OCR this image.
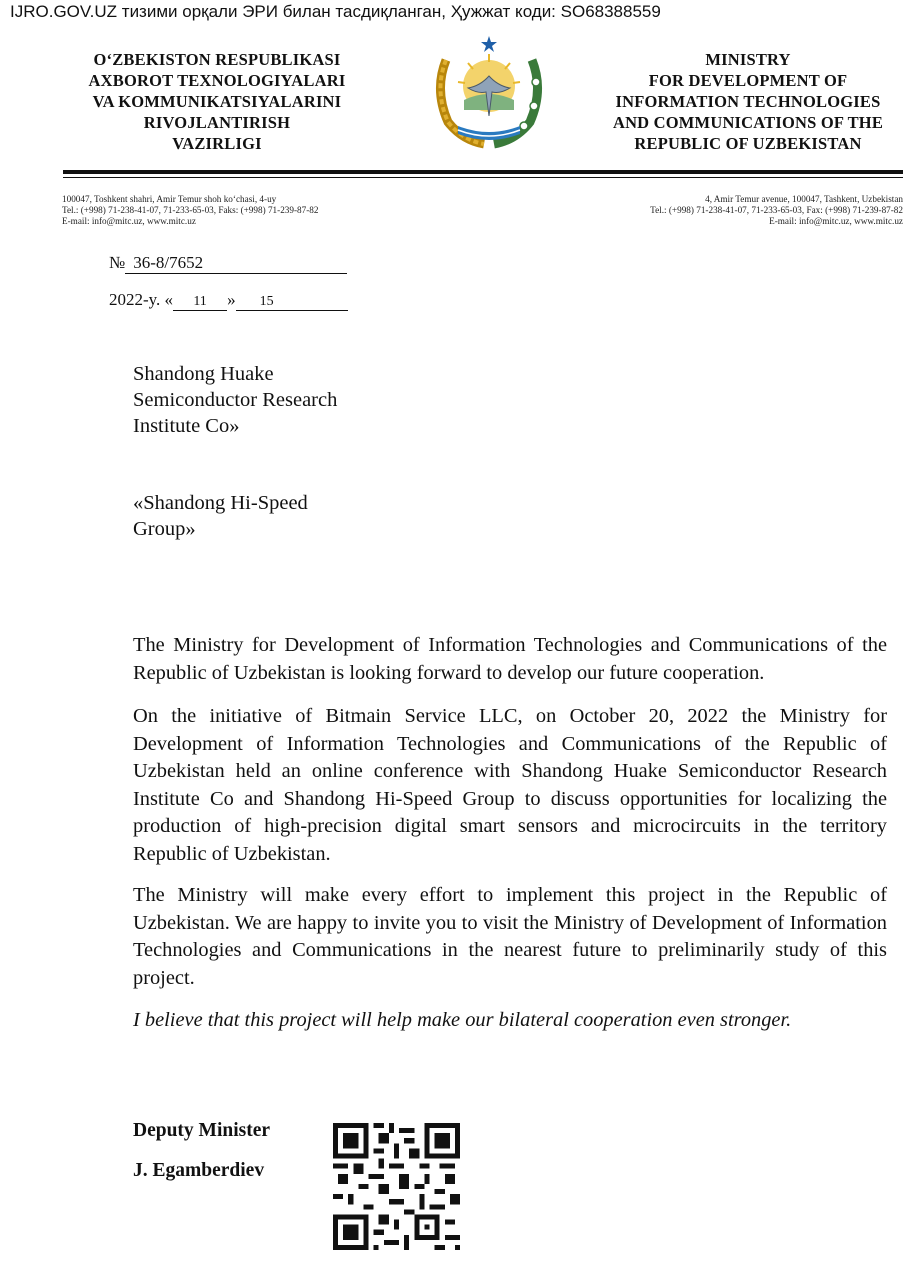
IJRO.GOV.UZ тизими орқали ЭРИ билан тасдиқланган, Ҳужжат коди: SO68388559
O‘ZBEKISTON RESPUBLIKASI
AXBOROT TEXNOLOGIYALARI
VA KOMMUNIKATSIYALARINI
RIVOJLANTIRISH
VAZIRLIGI
MINISTRY
FOR DEVELOPMENT OF
INFORMATION TECHNOLOGIES
AND COMMUNICATIONS OF THE
REPUBLIC OF UZBEKISTAN
100047, Toshkent shahri, Amir Temur shoh ko‘chasi, 4-uy
Tel.: (+998) 71-238-41-07, 71-233-65-03, Faks: (+998) 71-239-87-82
E-mail: info@mitc.uz, www.mitc.uz
4, Amir Temur avenue, 100047, Tashkent, Uzbekistan
Tel.: (+998) 71-238-41-07, 71-233-65-03, Fax: (+998) 71-239-87-82
E-mail: info@mitc.uz, www.mitc.uz
№ 36-8/7652
2022-y. « 11 » 15
Shandong Huake
Semiconductor Research
Institute Co»
«Shandong Hi-Speed
Group»

The Ministry for Development of Information Technologies and Communications of the Republic of Uzbekistan is looking forward to develop our future cooperation.

On the initiative of Bitmain Service LLC, on October 20, 2022 the Ministry for Development of Information Technologies and Communications of the Republic of Uzbekistan held an online conference with Shandong Huake Semiconductor Research Institute Co and Shandong Hi-Speed Group to discuss opportunities for localizing the production of high-precision digital smart sensors and microcircuits in the territory Republic of Uzbekistan.

The Ministry will make every effort to implement this project in the Republic of Uzbekistan. We are happy to invite you to visit the Ministry of Development of Information Technologies and Communications in the nearest future to preliminarily study of this project.

I believe that this project will help make our bilateral cooperation even stronger.

Deputy Minister
J. Egamberdiev
